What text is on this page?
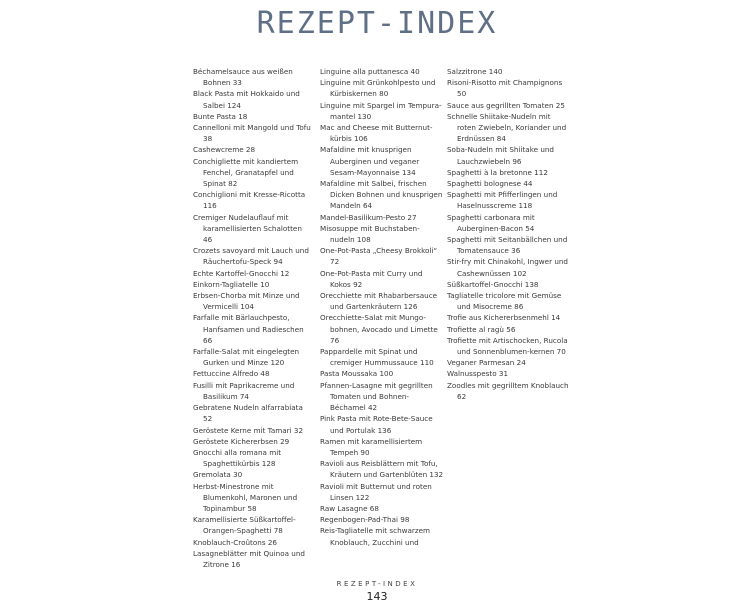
REZEPT-INDEX
Béchamelsauce aus weißen Bohnen 33
Black Pasta mit Hokkaido und Salbei 124
Bunte Pasta 18
Cannelloni mit Mangold und Tofu 38
Cashewcreme 28
Conchigliette mit kandiertem Fenchel, Granatapfel und Spinat 82
Conchiglioni mit Kresse-Ricotta 116
Cremiger Nudelauflauf mit karamellisierten Schalotten 46
Crozets savoyard mit Lauch und Räuchertofu-Speck 94
Echte Kartoffel-Gnocchi 12
Einkorn-Tagliatelle 10
Erbsen-Chorba mit Minze und Vermicelli 104
Farfalle mit Bärlauchpesto, Hanfsamen und Radieschen 66
Farfalle-Salat mit eingelegten Gurken und Minze 120
Fettuccine Alfredo 48
Fusilli mit Paprikacreme und Basilikum 74
Gebratene Nudeln alfarrabiata 52
Geröstete Kerne mit Tamari 32
Geröstete Kichererbsen 29
Gnocchi alla romana mit Spaghettikürbis 128
Gremolata 30
Herbst-Minestrone mit Blumenkohl, Maronen und Topinambur 58
Karamellisierte Süßkartoffel-Orangen-Spaghetti 78
Knoblauch-Croûtons 26
Lasagneblätter mit Quinoa und Zitrone 16
Linguine alla puttanesca 40
Linguine mit Grünkohlpesto und Kürbiskernen 80
Linguine mit Spargel im Tempura-mantel 130
Mac and Cheese mit Butternut-kürbis 106
Mafaldine mit knusprigen Auberginen und veganer Sesam-Mayonnaise 134
Mafaldine mit Salbei, frischen Dicken Bohnen und knusprigen Mandeln 64
Mandel-Basilikum-Pesto 27
Misosuppe mit Buchstaben-nudeln 108
One-Pot-Pasta „Cheesy Brokkoli“ 72
One-Pot-Pasta mit Curry und Kokos 92
Orecchiette mit Rhabarbersauce und Gartenkräutern 126
Orecchiette-Salat mit Mungo-bohnen, Avocado und Limette 76
Pappardelle mit Spinat und cremiger Hummussauce 110
Pasta Moussaka 100
Pfannen-Lasagne mit gegrillten Tomaten und Bohnen-Béchamel 42
Pink Pasta mit Rote-Bete-Sauce und Portulak 136
Ramen mit karamellisiertem Tempeh 90
Ravioli aus Reisblättern mit Tofu, Kräutern und Gartenblüten 132
Ravioli mit Butternut und roten Linsen 122
Raw Lasagne 68
Regenbogen-Pad-Thai 98
Reis-Tagliatelle mit schwarzem Knoblauch, Zucchini und
Salzzitrone 140
Risoni-Risotto mit Champignons 50
Sauce aus gegrillten Tomaten 25
Schnelle Shiitake-Nudeln mit roten Zwiebeln, Koriander und Erdnüssen 84
Soba-Nudeln mit Shiitake und Lauchzwiebeln 96
Spaghetti à la bretonne 112
Spaghetti bolognese 44
Spaghetti mit Pfifferlingen und Haselnusscreme 118
Spaghetti carbonara mit Auberginen-Bacon 54
Spaghetti mit Seitanbällchen und Tomatensauce 36
Stir-fry mit Chinakohl, Ingwer und Cashewnüssen 102
Süßkartoffel-Gnocchi 138
Tagliatelle tricolore mit Gemüse und Misocreme 86
Trofie aus Kichererbsenmehl 14
Trofiette al ragù 56
Trofiette mit Artischocken, Rucola und Sonnenblumen-kernen 70
Veganer Parmesan 24
Walnusspesto 31
Zoodles mit gegrilltem Knoblauch 62
REZEPT-INDEX
143
